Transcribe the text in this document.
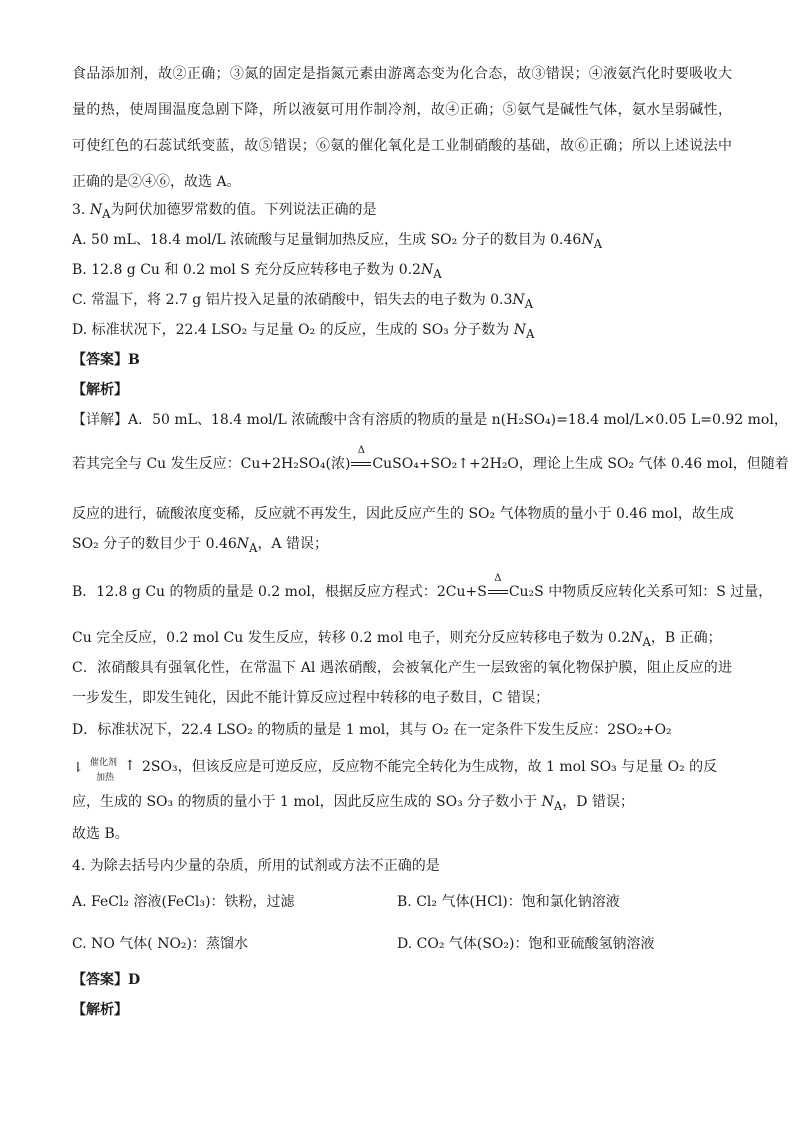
食品添加剂，故②正确；③氮的固定是指氮元素由游离态变为化合态，故③错误；④液氨汽化时要吸收大
量的热，使周围温度急剧下降，所以液氨可用作制冷剂，故④正确；⑤氨气是碱性气体，氨水呈弱碱性，
可使红色的石蕊试纸变蓝，故⑤错误；⑥氨的催化氧化是工业制硝酸的基础，故⑥正确；所以上述说法中
正确的是②④⑥，故选 A。
3. $N_A$为阿伏加德罗常数的值。下列说法正确的是
A. 50 mL、18.4 mol/L 浓硫酸与足量铜加热反应，生成 SO₂ 分子的数目为 $0.46N_A$
B. 12.8 g Cu 和 0.2 mol S 充分反应转移电子数为 $0.2N_A$
C. 常温下，将 2.7 g 铝片投入足量的浓硝酸中，铝失去的电子数为 $0.3N_A$
D. 标准状况下，22.4 LSO₂ 与足量 O₂ 的反应，生成的 SO₃ 分子数为 $N_A$
【答案】B
【解析】
【详解】A．50 mL、18.4 mol/L 浓硫酸中含有溶质的物质的量是 n(H₂SO₄)=18.4 mol/L×0.05 L=0.92 mol，
若其完全与 Cu 发生反应：Cu+2H₂SO₄(浓)
Δ
CuSO₄+SO₂↑+2H₂O，理论上生成 SO₂ 气体 0.46 mol，但随着
反应的进行，硫酸浓度变稀，反应就不再发生，因此反应产生的 SO₂ 气体物质的量小于 0.46 mol，故生成
SO₂ 分子的数目少于 $0.46N_A$，A 错误；
B．12.8 g Cu 的物质的量是 0.2 mol，根据反应方程式：2Cu+S
Δ
Cu₂S 中物质反应转化关系可知：S 过量，
Cu 完全反应，0.2 mol Cu 发生反应，转移 0.2 mol 电子，则充分反应转移电子数为 $0.2N_A$，B 正确；
C．浓硝酸具有强氧化性，在常温下 Al 遇浓硝酸，会被氧化产生一层致密的氧化物保护膜，阻止反应的进
一步发生，即发生钝化，因此不能计算反应过程中转移的电子数目，C 错误；
D．标准状况下，22.4 LSO₂ 的物质的量是 1 mol，其与 O₂ 在一定条件下发生反应：2SO₂+O₂
⇂ 催化剂
加热
↑ 2SO₃，但该反应是可逆反应，反应物不能完全转化为生成物，故 1 mol SO₃ 与足量 O₂ 的反
应，生成的 SO₃ 的物质的量小于 1 mol，因此反应生成的 SO₃ 分子数小于 $N_A$，D 错误；
故选 B。
4. 为除去括号内少量的杂质，所用的试剂或方法不正确的是
A. FeCl₂ 溶液(FeCl₃)：铁粉，过滤	B. Cl₂ 气体(HCl)：饱和氯化钠溶液
C. NO 气体( NO₂)：蒸馏水	D. CO₂ 气体(SO₂)：饱和亚硫酸氢钠溶液
【答案】D
【解析】
